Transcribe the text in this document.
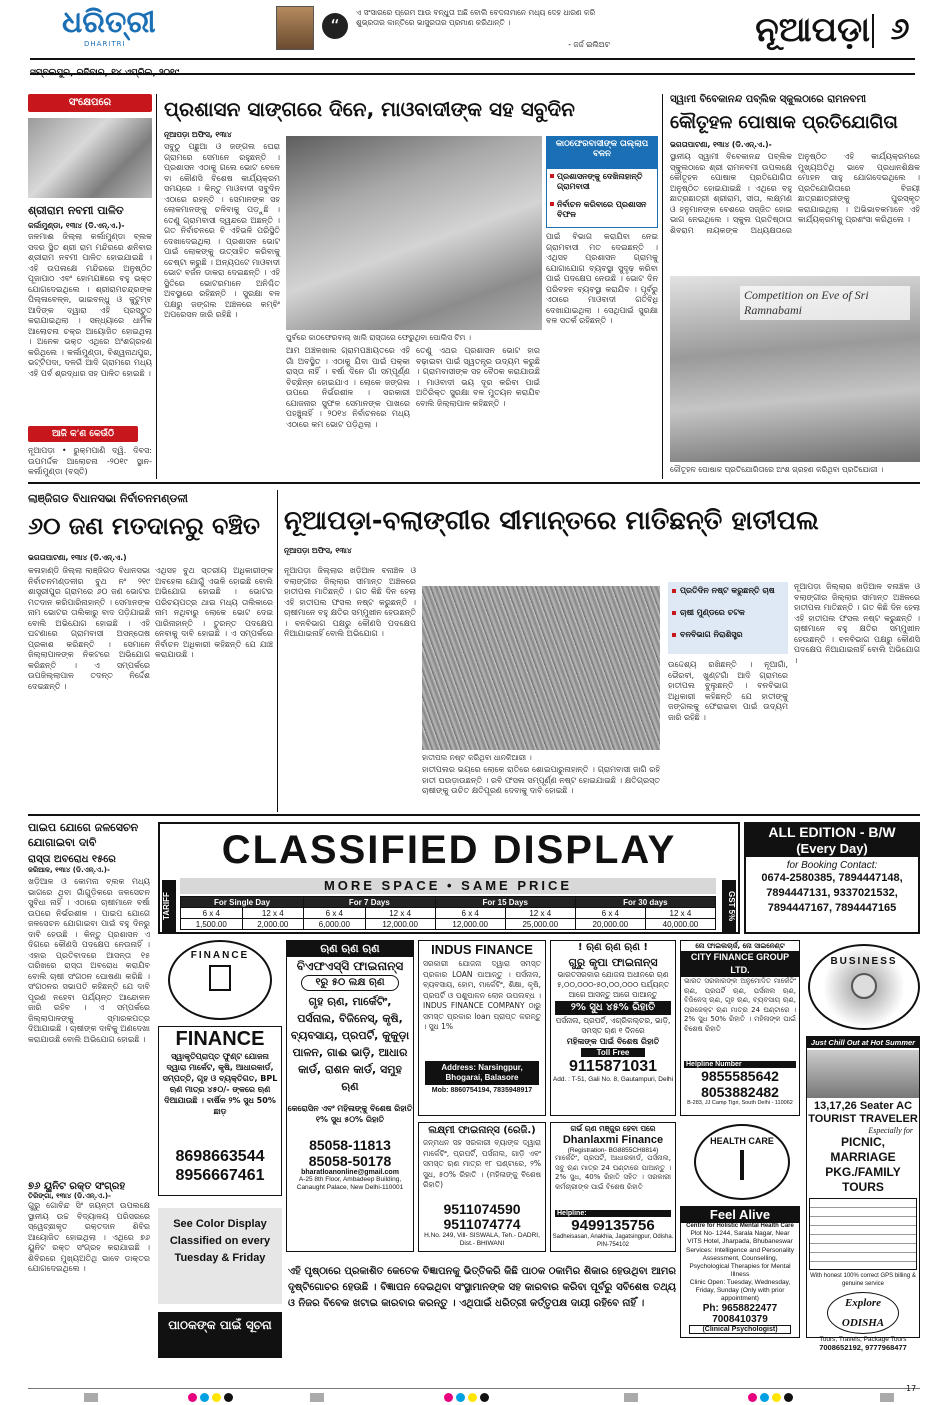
ଧରିତ୍ରୀ
DHARITRI
“
ଏ ସଂସାରରେ ପ୍ରେମ ଆଉ ବନ୍ଧୁତା ଅଛି ବୋଲି ବେଦନାମାନେ ମଧ୍ୟ ଦେହ ଧାରଣ କରି ଶୁଭ୍ରତାର କାନ୍ତିରେ ଭାସୁରତାର ପ୍ରମାଣ କରିଥାନ୍ତି ।
- ଜର୍ଜ ଇଲିଅଟ	ନୂଆପଡ଼ା ୬
ସମ୍ବଲପୁର, ରବିବାର, ୧୪ ଏପ୍ରିଲ, ୨୦୧୯
ସଂକ୍ଷେପରେ
ଶ୍ରୀରାମ ନବମୀ ପାଳିତ
କର୍ଲାମୁଣ୍ଡା, ୧୩ା୪ (ଡି.ଏନ୍.ଏ.)-
ଜଳମାଈ ଜିଲ୍ଲା କର୍ଲାମୁଣ୍ଡା ବ୍ଲକ ସଦର ସ୍ଥିତ ଶ୍ରୀ ରାମ ମନ୍ଦିରରେ ଶନିବାର ଶ୍ରୀରାମ ନବମୀ ପାଳିତ ହୋଇଯାଇଛି । ଏହି ଉପଲକ୍ଷେ ମନ୍ଦିରରେ ଅନୁଷ୍ଠିତ ପୂଜାପାଠ ଏବଂ ହୋମଯଜ୍ଞରେ ବହୁ ଭକ୍ତ ଯୋଗଦେଇଥିଲେ । ଶ୍ରୀରାମଚନ୍ଦ୍ରଙ୍କ ପିଲ୍ଳାବେଳ୍ଳ, ଭାଇବନ୍ଧୁ ଓ କୁଟୁମ୍ବ ଆଦିଙ୍କ ଦ୍ୱାରା ଏହି ପ୍ରସ୍ତୁତ କରାଯାଇଥିଲା । ସନ୍ଧ୍ୟାରେ ଧାର୍ମିକ ଆଲୋଚନା ଚକ୍ର ଆୟୋଜିତ ହୋଇଥିଲା । ଅନେକ ଭକ୍ତ ଏଥିରେ ଅଂଶଗ୍ରହଣ କରିଥିଲେ । କର୍ଲାମୁଣ୍ଡା, ବିଶ୍ୱନାଥପୁର, ଭଟ୍ଟିପଦା, ଦଳଗଁ ଆଦି ଗ୍ରାମରେ ମଧ୍ୟ ଏହି ପର୍ବ ଶ୍ରଦ୍ଧାର ସହ ପାଳିତ ହୋଇଛି ।
ଆଜି କ'ଣ କେଉଁଠି
ନୂଆପଡ଼ା • ରୁକ୍ମପାଣି ଦ୍ୱି. ଦିବସ: ଉପମର୍ଦ୍ଦକ ଆଲୋଚନା -୨୦୧୯ ସ୍ଥାନ- କର୍ଲାମୁଣ୍ଡା (ବସ୍ତି)
ପ୍ରଶାସନ ସାଙ୍ଗରେ ଦିନେ, ମାଓବାଦୀଙ୍କ ସହ ସବୁଦିନ
ନୂଆପଡ଼ା ଅଫିସ, ୧୩ା୪
ସବୁଠୁ ପଛୁଆ ଓ ଜଙ୍ଗଲ ଘେରା ଗ୍ରାମରେ ସେମାନେ ରହୁଛନ୍ତି । ପ୍ରଶାସନ ଏଠାକୁ ଗଲେ ଭୋଟ ବେଳେ ବା କୌଣସି ବିଶେଷ କାର୍ଯ୍ୟକ୍ରମ ସମୟରେ । କିନ୍ତୁ ମାଓବାଦୀ ସବୁଦିନ ଏଠାରେ ରହନ୍ତି । ସେମାନଙ୍କ ସହ ଲୋକମାନଙ୍କୁ ଚଳିବାକୁ ପଡ଼ୁଛି । ତେଣୁ ଗ୍ରାମବାସୀ ଦ୍ୱନ୍ଦରେ ଅଛନ୍ତି । ଗତ ନିର୍ବାଚନରେ ବି ଏହିଭଳି ପରିସ୍ଥିତି ଦେଖାଦେଇଥିଲା । ପ୍ରଶାସନ ଭୋଟ ପାଇଁ ଲୋକଙ୍କୁ ଉତ୍ସାହିତ କରିବାକୁ ଚେଷ୍ଟା କରୁଛି । ଅନ୍ୟପଟେ ମାଓବାଦୀ ଭୋଟ ବର୍ଜନ ଡାକରା ଦେଇଛନ୍ତି । ଏହି ସ୍ଥିତିରେ ଭୋଟରମାନେ ଅନିଶ୍ଚିତ ଅବସ୍ଥାରେ ରହିଛନ୍ତି । ସୁରକ୍ଷା ବଳ ପକ୍ଷରୁ ଜଙ୍ଗଲ ଅଞ୍ଚଳରେ କମ୍ବିଂ ଅପରେସନ ଜାରି ରହିଛି ।
ପୁର୍ବରେ କାଠଫେରବାଲ୍ ଖାଲି ରାସ୍ତାରେ ଫେରୁଥିବା ପୋଲିସ ଟିମ ।
କାଠଫେରବାସୀଙ୍କ ତାଲ୍ଲାପ ବଳନ
ପ୍ରଶାସନଙ୍କୁ ଦେଖିନାହାନ୍ତି ଗ୍ରାମବାସୀ
ନିର୍ବାଚନ କରିବାରେ ପ୍ରଶାସନ ବିଫଳ
ପାଇଁ ବିଭାଗ କରାଯିବା ନେଇ ଗ୍ରାମବାସୀ ମତ ଦେଇଛନ୍ତି । ଏଥିସହ ପ୍ରଶାସନ ଗ୍ରାମକୁ ଯୋଗାଯୋଗ ବ୍ୟବସ୍ଥା ସୁଦୃଢ଼ କରିବା ପାଇଁ ପଦକ୍ଷେପ ନେଉଛି । ଭୋଟ ଦିନ ପରିବହନ ବ୍ୟବସ୍ଥା କରାଯିବ । ପୂର୍ବରୁ ଏଠାରେ ମାଓବାଦୀ ଗତିବିଧି ଦେଖାଯାଇଥିଲା । ସେଥିପାଇଁ ସୁରକ୍ଷା ବଳ ସତର୍କ ରହିଛନ୍ତି ।
ଆମ ଅଞ୍ଚଳଖାଲ ଗ୍ରାମପଞ୍ଚାୟତରେ ଏହି ଗାଁ ଅବସ୍ଥିତ । ଏଠାକୁ ଯିବା ପାଇଁ ପକ୍କା ରାସ୍ତା ନାହିଁ । ବର୍ଷା ଦିନେ ଗାଁ ସମ୍ପୂର୍ଣ୍ଣ ବିଚ୍ଛିନ୍ନ ହୋଇଯାଏ । ଲୋକେ ଜଙ୍ଗଲ ଉପରେ ନିର୍ଭରଶୀଳ । ସରକାରୀ ଯୋଜନାର ସୁଫଳ ସେମାନଙ୍କ ପାଖରେ ପହଞ୍ଚୁନାହିଁ । ୨୦୧୪ ନିର୍ବାଚନରେ ମଧ୍ୟ ଏଠାରେ କମ ଭୋଟ ପଡ଼ିଥିଲା ।
ତେଣୁ ଏଥର ପ୍ରଶାସନ ଭୋଟ ହାର ବଢ଼ାଇବା ପାଇଁ ସ୍ୱତନ୍ତ୍ର ଉଦ୍ୟମ କରୁଛି । ଗ୍ରାମବାସୀଙ୍କ ସହ ବୈଠକ କରାଯାଉଛି । ମାଓବାଦୀ ଭୟ ଦୂର କରିବା ପାଇଁ ଅତିରିକ୍ତ ସୁରକ୍ଷା ବଳ ମୁତୟନ କରାଯିବ ବୋଲି ଜିଲ୍ଲାପାଳ କହିଛନ୍ତି ।
ସ୍ୱାମୀ ବିବେକାନନ୍ଦ ପବ୍ଲିକ ସ୍କୁଲଠାରେ ରାମନବମୀ
କୌତୂହଳ ପୋଷାକ ପ୍ରତିଯୋଗିତା
ଭଗତାପାଟଣା, ୧୩ା୪ (ଡି.ଏନ୍.ଏ.)-
ସ୍ଥାନୀୟ ସ୍ୱାମୀ ବିବେକାନନ୍ଦ ପବ୍ଲିକ ସ୍କୁଲଠାରେ ଶ୍ରୀ ରାମନବମୀ ଉପଲକ୍ଷେ କୌତୂହଳ ପୋଷାକ ପ୍ରତିଯୋଗିତା ଅନୁଷ୍ଠିତ ହୋଇଯାଇଛି । ଏଥିରେ ବହୁ ଛାତ୍ରଛାତ୍ରୀ ଶ୍ରୀରାମ, ସୀତା, ଲକ୍ଷ୍ମଣ ଓ ହନୁମାନଙ୍କ ବେଶରେ ସଜ୍ଜିତ ହୋଇ ଭାଗ ନେଇଥିଲେ । ସ୍କୁଲ ପ୍ରତିଷ୍ଠାତା ଶିବରାମ ନାୟକଙ୍କ ଅଧ୍ୟକ୍ଷତାରେ ଅନୁଷ୍ଠିତ ଏହି କାର୍ଯ୍ୟକ୍ରମରେ ମୁଖ୍ୟଅତିଥି ଭାବେ ପ୍ରଧାନଶିକ୍ଷକ ମୋହନ ସାହୁ ଯୋଗଦେଇଥିଲେ । ପ୍ରତିଯୋଗିତାରେ ବିଜୟୀ ଛାତ୍ରଛାତ୍ରୀଙ୍କୁ ପୁରସ୍କୃତ କରାଯାଇଥିଲା । ଅଭିଭାବକମାନେ ଏହି କାର୍ଯ୍ୟକ୍ରମକୁ ପ୍ରଶଂସା କରିଥିଲେ ।
Competition on Eve of Sri Ramnabami
କୌତୂହଳ ପୋଷାକ ପ୍ରତିଯୋଗିତାରେ ଅଂଶ ଗ୍ରହଣ କରିଥିବା ପ୍ରତିଯୋଗୀ ।
ଲାଞ୍ଜିଗଡ ବିଧାନସଭା ନିର୍ବାଚନମଣ୍ଡଳୀ
୬୦ ଜଣ ମତଦାନରୁ ବଞ୍ଚିତ
ଭଗତାପାଟଣା, ୧୩ା୪ (ଡି.ଏନ୍.ଏ.)
କଳାହାଣ୍ଡି ଜିଲ୍ଲା ଲାଞ୍ଜିଗଡ ବିଧାନସଭା ନିର୍ବାଚନମଣ୍ଡଳୀର ବୁଥ ନଂ ୨୧୯ ଶାସ୍ତ୍ରୀପୁର ଗ୍ରାମରେ ୬୦ ଜଣ ଭୋଟର ମତଦାନ କରିପାରିନାହାନ୍ତି । ସେମାନଙ୍କ ନାମ ଭୋଟର ତାଲିକାରୁ ବାଦ ପଡ଼ିଯାଇଛି ବୋଲି ଅଭିଯୋଗ ହୋଇଛି । ଏହି ଘଟଣାରେ ଗ୍ରାମବାସୀ ଅସନ୍ତୋଷ ପ୍ରକାଶ କରିଛନ୍ତି । ସେମାନେ ଜିଲ୍ଲାପାଳଙ୍କ ନିକଟରେ ଅଭିଯୋଗ କରିଛନ୍ତି । ଏ ସମ୍ପର୍କରେ ଉପଜିଲ୍ଲାପାଳ ତଦନ୍ତ ନିର୍ଦ୍ଦେଶ ଦେଇଛନ୍ତି ।
ଏଥିସହ ବୁଥ ସ୍ତରୀୟ ଅଧିକାରୀଙ୍କ ଅବହେଳା ଯୋଗୁଁ ଏଭଳି ହୋଇଛି ବୋଲି ଅଭିଯୋଗ ହୋଇଛି । ଭୋଟର ପରିଚୟପତ୍ର ଥାଇ ମଧ୍ୟ ତାଲିକାରେ ନାମ ନଥିବାରୁ ଲୋକେ ଭୋଟ ଦେଇ ପାରିନାହାନ୍ତି । ତୁରନ୍ତ ପଦକ୍ଷେପ ନେବାକୁ ଦାବି ହୋଇଛି । ଏ ସମ୍ପର୍କରେ ନିର୍ବାଚନ ଅଧିକାରୀ କହିଛନ୍ତି ଯେ ଯାଞ୍ଚ କରାଯାଉଛି ।
ନୂଆପଡ଼ା-ବଲାଙ୍ଗୀର ସୀମାନ୍ତରେ ମାତିଛନ୍ତି ହାତୀପଲ
ନୂଆପଡ଼ା ଅଫିସ, ୧୩ା୪
ନୂଆପଡ଼ା ଜିଲ୍ଲାର ଖଡ଼ିଆଳ ବନାଞ୍ଚଳ ଓ ବଲାଙ୍ଗୀର ଜିଲ୍ଲାର ସୀମାନ୍ତ ଅଞ୍ଚଳରେ ହାତୀପଲ ମାତିଛନ୍ତି । ଗତ କିଛି ଦିନ ହେଲା ଏହି ହାତୀପଲ ଫସଲ ନଷ୍ଟ କରୁଛନ୍ତି । ଚାଷୀମାନେ ବହୁ କ୍ଷତିର ସମ୍ମୁଖୀନ ହେଉଛନ୍ତି । ବନବିଭାଗ ପକ୍ଷରୁ କୌଣସି ପଦକ୍ଷେପ ନିଆଯାଇନାହିଁ ବୋଲି ଅଭିଯୋଗ ।
ହାତୀପଲ ନଷ୍ଟ କରିଥିବା ଧାନକିଆରୀ ।
ହାତୀପଲର ଭୟରେ ଲୋକେ ରାତିରେ ଶୋଇପାରୁନାହାନ୍ତି । ଗ୍ରାମବାସୀ ଜାଗି ରହି ହାତୀ ଘଉଡ଼ାଉଛନ୍ତି । ରବି ଫସଲ ସମ୍ପୂର୍ଣ୍ଣ ନଷ୍ଟ ହୋଇଯାଇଛି । କ୍ଷତିଗ୍ରସ୍ତ ଚାଷୀଙ୍କୁ ଉଚିତ କ୍ଷତିପୂରଣ ଦେବାକୁ ଦାବି ହୋଇଛି ।
ପ୍ରତିଦିନ ନଷ୍ଟ କରୁଛନ୍ତି ଚାଷ
ଚାଷୀ ମୁଣ୍ଡରେ ଚଟକ
ବନବିଭାଗ ନିରାଶିସ୍ତ୍ର
ଉଦ୍ଦେଶ୍ୟ ରଖିଛନ୍ତି । ନୂଆଗାଁ, ଭୈରବୀ, ଖୁଣ୍ଟଗାଁ ଆଦି ଗ୍ରାମରେ ହାତୀପଲ ବୁଲୁଛନ୍ତି । ବନବିଭାଗ ଅଧିକାରୀ କହିଛନ୍ତି ଯେ ହାତୀଙ୍କୁ ଜଙ୍ଗଲକୁ ଫେରାଇବା ପାଇଁ ଉଦ୍ୟମ ଜାରି ରହିଛି ।
ନୂଆପଡ଼ା ଜିଲ୍ଲାର ଖଡ଼ିଆଳ ବନାଞ୍ଚଳ ଓ ବଲାଙ୍ଗୀର ଜିଲ୍ଲାର ସୀମାନ୍ତ ଅଞ୍ଚଳରେ ହାତୀପଲ ମାତିଛନ୍ତି । ଗତ କିଛି ଦିନ ହେଲା ଏହି ହାତୀପଲ ଫସଲ ନଷ୍ଟ କରୁଛନ୍ତି । ଚାଷୀମାନେ ବହୁ କ୍ଷତିର ସମ୍ମୁଖୀନ ହେଉଛନ୍ତି । ବନବିଭାଗ ପକ୍ଷରୁ କୌଣସି ପଦକ୍ଷେପ ନିଆଯାଇନାହିଁ ବୋଲି ଅଭିଯୋଗ ।
ପାଇପ ଯୋଗେ ଜଳସେଚନ ଯୋଗାଇବା ଦାବି
ରାସ୍ତା ଅବରୋଧ ୧୫ରେ
ଜରିଆଳ, ୧୩ା୪ (ଡି.ଏନ୍.ଏ.)-
ଖଡ଼ିଆଳ ଓ କୋମନା ବ୍ଲକ ମଧ୍ୟ ଭାଗରେ ଥିବା ଗାଁଗୁଡ଼ିକରେ ଜଳସେଚନ ସୁବିଧା ନାହିଁ । ଏଠାରେ ଚାଷୀମାନେ ବର୍ଷା ଉପରେ ନିର୍ଭରଶୀଳ । ପାଇପ ଯୋଗେ ଜଳସେଚନ ଯୋଗାଇବା ପାଇଁ ବହୁ ଦିନରୁ ଦାବି ହେଉଛି । କିନ୍ତୁ ପ୍ରଶାସନ ଏ ଦିଗରେ କୌଣସି ପଦକ୍ଷେପ ନେଉନାହିଁ । ଏହାର ପ୍ରତିବାଦରେ ଆସନ୍ତା ୧୫ ତାରିଖରେ ରାସ୍ତା ଅବରୋଧ କରାଯିବ ବୋଲି ଚାଷୀ ସଂଗଠନ ଘୋଷଣା କରିଛି । ସଂଗଠନର ସଭାପତି କହିଛନ୍ତି ଯେ ଦାବି ପୂରଣ ନହେବା ପର୍ଯ୍ୟନ୍ତ ଆନ୍ଦୋଳନ ଜାରି ରହିବ । ଏ ସମ୍ପର୍କରେ ଜିଲ୍ଲାପାଳଙ୍କୁ ସ୍ମାରକପତ୍ର ଦିଆଯାଇଛି । ଚାଷୀଙ୍କ ଦାବିକୁ ଅଣଦେଖା କରାଯାଉଛି ବୋଲି ଅଭିଯୋଗ ହୋଇଛି ।
୭୬ ୟୁନିଟ ରକ୍ତ ସଂଗ୍ରହ
ତିରିଙ୍ଗା, ୧୩ା୪ (ଡି.ଏନ୍.ଏ.)-
ଗୁରୁ ଗୋବିନ୍ଦ ସିଂ ଜୟନ୍ତୀ ଉପଲକ୍ଷେ ସ୍ଥାନୀୟ ଉଚ୍ଚ ବିଦ୍ୟାଳୟ ପରିସରରେ ସ୍ୱେଚ୍ଛାକୃତ ରକ୍ତଦାନ ଶିବିର ଆୟୋଜିତ ହୋଇଥିଲା । ଏଥିରେ ୭୬ ୟୁନିଟ ରକ୍ତ ସଂଗ୍ରହ କରାଯାଇଛି । ଶିବିରରେ ମୁଖ୍ୟଅତିଥି ଭାବେ ଡାକ୍ତର ଯୋଗଦେଇଥିଲେ ।
CLASSIFIED DISPLAY
TARIFF	GST 5%
MORE SPACE • SAME PRICE
For Single Day		For 7 Days		For 15 Days		For 30 days	
6 x 4	12 x 4	6 x 4	12 x 4	6 x 4	12 x 4	6 x 4	12 x 4
1,500.00	2,000.00	6,000.00	12,000.00	12,000.00	25,000.00	20,000.00	40,000.00
ALL EDITION - B/W
(Every Day)
for Booking Contact:
0674-2580385, 7894447148, 7894447131, 9337021532, 7894447167, 7894447165
FINANCE
FINANCE
ସ୍ୱାକୃତିପ୍ରାପ୍ତ ଫୁଣ୍ଟ ଯୋଜନା ଦ୍ୱାରା ମାର୍କେଟ, କୃଷି, ଆଧାରକାର୍ଡ, ସମ୍ପତ୍ତି, ଗୃହ ଓ ବ୍ୟକ୍ତିଗତ, BPL ଋଣ ମାତ୍ର ୪୫୦/- ଙ୍କରେ ଋଣ ଦିଆଯାଉଛି । ବାର୍ଷିକ ୨% ସୁଧ 50% ଛାଡ଼
8698663544
8956667461
See Color Display Classified on every Tuesday & Friday
ଋଣ ଋଣ ଋଣ
ବିଏଫଏସ୍ସି ଫାଇନାନ୍ସ
୧ରୁ ୫୦ ଲକ୍ଷ ଋଣ
ଗୃହ ଋଣ, ମାର୍କେଟିଂ, ପର୍ସନାଲ, ବିଜିନେସ୍, କୃଷି, ବ୍ୟବସାୟ, ପ୍ରପର୍ଟି, କୁକୁଡ଼ା ପାଳନ, ଗାଈ ଭାଡ଼ି, ଆଧାର କାର୍ଡ, ରାଶନ କାର୍ଡ, ସମୁହ ଋଣ
କେରୋସିନ ଏବଂ ମହିଳାଙ୍କୁ ବିଶେଷ ରିହାତି ୧% ସୁଧ ୫୦% ରିହାତି
85058-11813
85058-50178
bharatloanonline@gmail.com
A-25 8th Floor, Ambadeep Building, Canaught Palace, New Delhi-110001
INDUS FINANCE
ସରକାରୀ ଯୋଜନା ଦ୍ୱାରା ସମସ୍ତ ପ୍ରକାର LOAN ପାଆନ୍ତୁ । ପର୍ସନାଲ, ବ୍ୟବସାୟ, ହୋମ, ମାର୍କେଟିଂ, ଶିକ୍ଷା, କୃଷି, ପ୍ରପର୍ଟି ଓ ପଶୁପାଳନ ଲୋନ ଉପଲବ୍ଧ । INDUS FINANCE COMPANY ଠାରୁ ସମସ୍ତ ପ୍ରକାର loan ପ୍ରାପ୍ତ କରନ୍ତୁ । ସୁଧ 1%
Address: Narsingpur, Bhogarai, Balasore
Mob: 8860754194, 7835948917
ଲକ୍ଷ୍ମୀ ଫାଇନାନ୍ସ (ରେଜି.)
ଜନ୍ମଧନ ସହ ସରକାରୀ ବ୍ୟାଙ୍କ ଦ୍ୱାରା ମାର୍କେଟିଂ, ପ୍ରପର୍ଟି, ପର୍ସନାଲ, ଗାଡ଼ି ଏବଂ ସମସ୍ତ ଋଣ ମାତ୍ର ୧୮ ଘଣ୍ଟାରେ, ୨% ସୁଧ, ୫୦% ରିହାତି । (ମହିଳାଙ୍କୁ ବିଶେଷ ରିହାତି)
9511074590
9511074774
H.No. 249, Vill- SISWALA, Teh.- DADRI, Dist.- BHIWANI
! ଋଣ ଋଣ ଋଣ !
ଗୁରୁ କୃପା ଫାଇନାନ୍ସ
ଭାରତସରକାର ଯୋଜନା ଅଧୀନରେ ଋଣ ୫,୦୦,୦୦୦-୫୦,୦୦,୦୦୦ ପର୍ଯ୍ୟନ୍ତ ଆଗେ ଆସନ୍ତୁ ଆଗେ ପାଆନ୍ତୁ
୨% ସୁଧ ୪୫% ରିହାତି
ପର୍ସନାଲ, ପ୍ରପର୍ଟି, ଏଗ୍ରିକଲ୍ଚର, ଭାଡ଼ି, ସମସ୍ତ ଋଣ ୧ ଦିନରେ
ମହିଳାଙ୍କ ପାଇଁ ବିଶେଷ ରିହାତି
Toll Free
9115871031
Add. : T-51, Gali No. 8, Gautampuri, Delhi
ଗର୍ଭ ଋଣ ମଞ୍ଜୁର ହେବା ପରେ
Dhanlaxmi Finance
(Registration- BG8855CH8814)
ମାର୍କେଟିଂ, ପ୍ରପର୍ଟି, ଆଧାରକାର୍ଡ, ପର୍ସନାଲ, ସବୁ ଋଣ ମାତ୍ର 24 ଘଣ୍ଟାରେ ପାଆନ୍ତୁ । 2% ସୁଧ, 40% ରିହାତି ସହିତ । ସରକାରୀ କର୍ମଚାରୀଙ୍କ ପାଇଁ ବିଶେଷ ରିହାତି
Helpline:
9499135756
Sadheisasan, Anakhia, Jagatsingpur, Odisha. PIN-754102
ନୋ ଫାଇଲଚାର୍ଜ, ନୋ ସାଇନେଣ୍ଟ
CITY FINANCE GROUP LTD.
ଭାରତ ସରକାରଙ୍କ ଅନୁମୋଦିତ ମାର୍କେଟିଂ ଋଣ, ପ୍ରପର୍ଟି ଋଣ, ପର୍ସନାଲ ଋଣ, ବିଜିନେସ୍ ଋଣ, ଗୃହ ଋଣ, ବ୍ୟବସାୟ ଋଣ, ପ୍ରଜେକ୍ଟ ଋଣ ମାତ୍ର 24 ଘଣ୍ଟାରେ । 2% ସୁଧ 50% ରିହାତି । ମହିଳାଙ୍କ ପାଇଁ ବିଶେଷ ରିହାତି
Helpline Number
9855585642
8053882482
B-283, JJ Camp Tigri, South Delhi - 110062
HEALTH CARE
Feel Alive
Centre for Holistic Mental Health Care
Plot No- 1244, Sarala Nagar, Near VITS Hotel, Jharpada, Bhubaneswar
Services: Intelligence and Personality Assessment, Counselling, Psychological Therapies for Mental Illness
Clinic Open: Tuesday, Wednesday, Friday, Sunday (Only with prior appointment)
Ph: 9658822477
7008410379
(Clinical Psychologist)
BUSINESS
Just Chill Out at Hot Summer
13,17,26 Seater AC TOURIST TRAVELER
Especially for
PICNIC, MARRIAGE PKG./FAMILY TOURS
With honest 100% correct GPS billing & genuine service
Explore ODISHA
Tours, Travels, Package Tours
7008652192, 9777968477
ପାଠକଙ୍କ ପାଇଁ ସୂଚନା
ଏହି ପୃଷ୍ଠାରେ ପ୍ରକାଶିତ କେତେକ ବିଜ୍ଞାପନକୁ ଭିତ୍ତିକରି କିଛି ପାଠକ ଠକାମିର ଶିକାର ହେଉଥିବା ଆମର ଦୃଷ୍ଟିଗୋଚର ହେଉଛି । ବିଜ୍ଞାପନ ଦେଇଥିବା ସଂସ୍ଥାମାନଙ୍କ ସହ କାରବାର କରିବା ପୂର୍ବରୁ ସବିଶେଷ ତଥ୍ୟ ଓ ନିଜର ବିବେକ ଖଟାଇ କାରବାର କରନ୍ତୁ । ଏଥିପାଇଁ ଧରିତ୍ରୀ କର୍ତ୍ତୃପକ୍ଷ ଦାୟୀ ରହିବେ ନାହିଁ ।
17
